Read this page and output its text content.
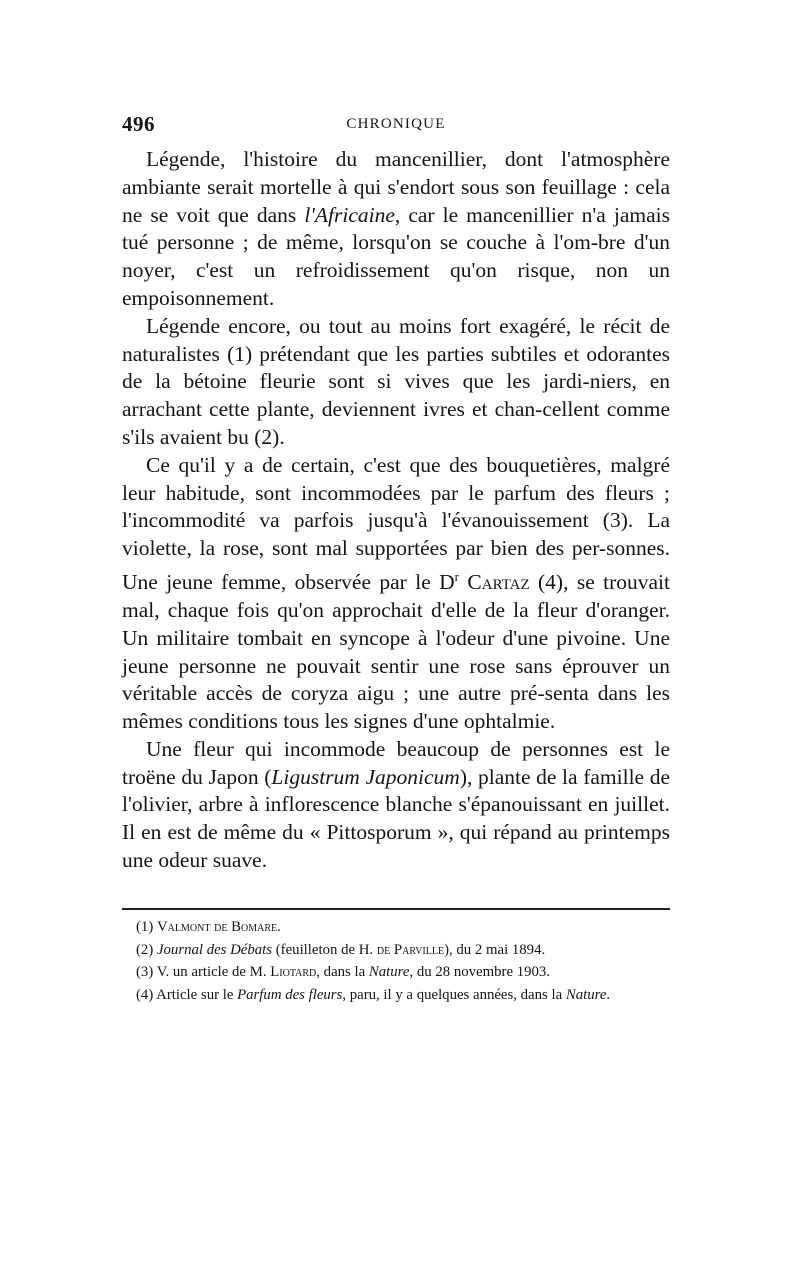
496	CHRONIQUE

Légende, l'histoire du mancenillier, dont l'atmosphère ambiante serait mortelle à qui s'endort sous son feuillage : cela ne se voit que dans l'Africaine, car le mancenillier n'a jamais tué personne ; de même, lorsqu'on se couche à l'om-bre d'un noyer, c'est un refroidissement qu'on risque, non un empoisonnement.

Légende encore, ou tout au moins fort exagéré, le récit de naturalistes (1) prétendant que les parties subtiles et odorantes de la bétoine fleurie sont si vives que les jardi-niers, en arrachant cette plante, deviennent ivres et chan-cellent comme s'ils avaient bu (2).

Ce qu'il y a de certain, c'est que des bouquetières, malgré leur habitude, sont incommodées par le parfum des fleurs ; l'incommodité va parfois jusqu'à l'évanouissement (3). La violette, la rose, sont mal supportées par bien des per-sonnes. Une jeune femme, observée par le $D^r$ Cartaz (4), se trouvait mal, chaque fois qu'on approchait d'elle de la fleur d'oranger. Un militaire tombait en syncope à l'odeur d'une pivoine. Une jeune personne ne pouvait sentir une rose sans éprouver un véritable accès de coryza aigu ; une autre pré-senta dans les mêmes conditions tous les signes d'une ophtalmie.

Une fleur qui incommode beaucoup de personnes est le troëne du Japon (Ligustrum Japonicum), plante de la famille de l'olivier, arbre à inflorescence blanche s'épanouissant en juillet. Il en est de même du « Pittosporum », qui répand au printemps une odeur suave.

(1) Valmont de Bomare.

(2) Journal des Débats (feuilleton de H. de Parville), du 2 mai 1894.

(3) V. un article de M. Liotard, dans la Nature, du 28 novembre 1903.

(4) Article sur le Parfum des fleurs, paru, il y a quelques années, dans la Nature.
